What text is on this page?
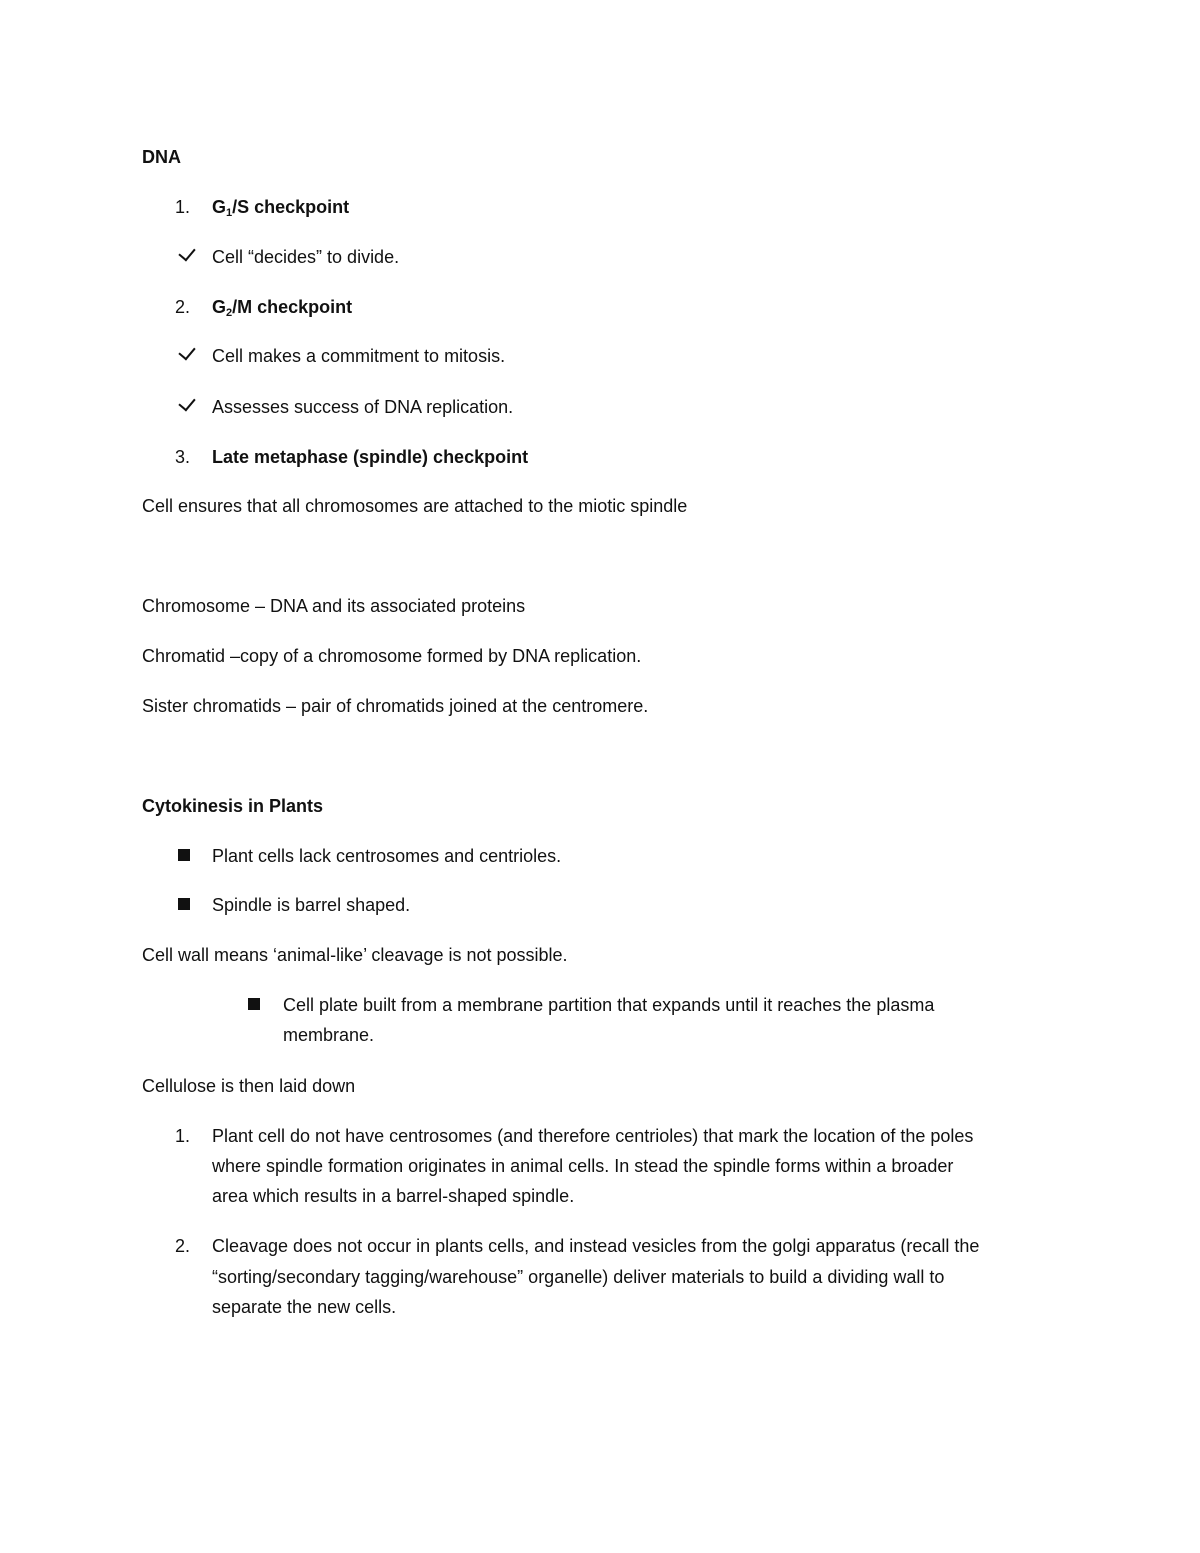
DNA
1. $G_1/S$ checkpoint
Cell “decides” to divide.
2. $G_2/M$ checkpoint
Cell makes a commitment to mitosis.
Assesses success of DNA replication.
3. Late metaphase (spindle) checkpoint
Cell ensures that all chromosomes are attached to the miotic spindle
Chromosome – DNA and its associated proteins
Chromatid –copy of a chromosome formed by DNA replication.
Sister chromatids – pair of chromatids joined at the centromere.
Cytokinesis in Plants
Plant cells lack centrosomes and centrioles.
Spindle is barrel shaped.
Cell wall means ‘animal-like’ cleavage is not possible.
Cell plate built from a membrane partition that expands until it reaches the plasma
membrane.
Cellulose is then laid down
1. Plant cell do not have centrosomes (and therefore centrioles) that mark the location of the poles
where spindle formation originates in animal cells. In stead the spindle forms within a broader
area which results in a barrel-shaped spindle.
2. Cleavage does not occur in plants cells, and instead vesicles from the golgi apparatus (recall the
“sorting/secondary tagging/warehouse” organelle) deliver materials to build a dividing wall to
separate the new cells.
